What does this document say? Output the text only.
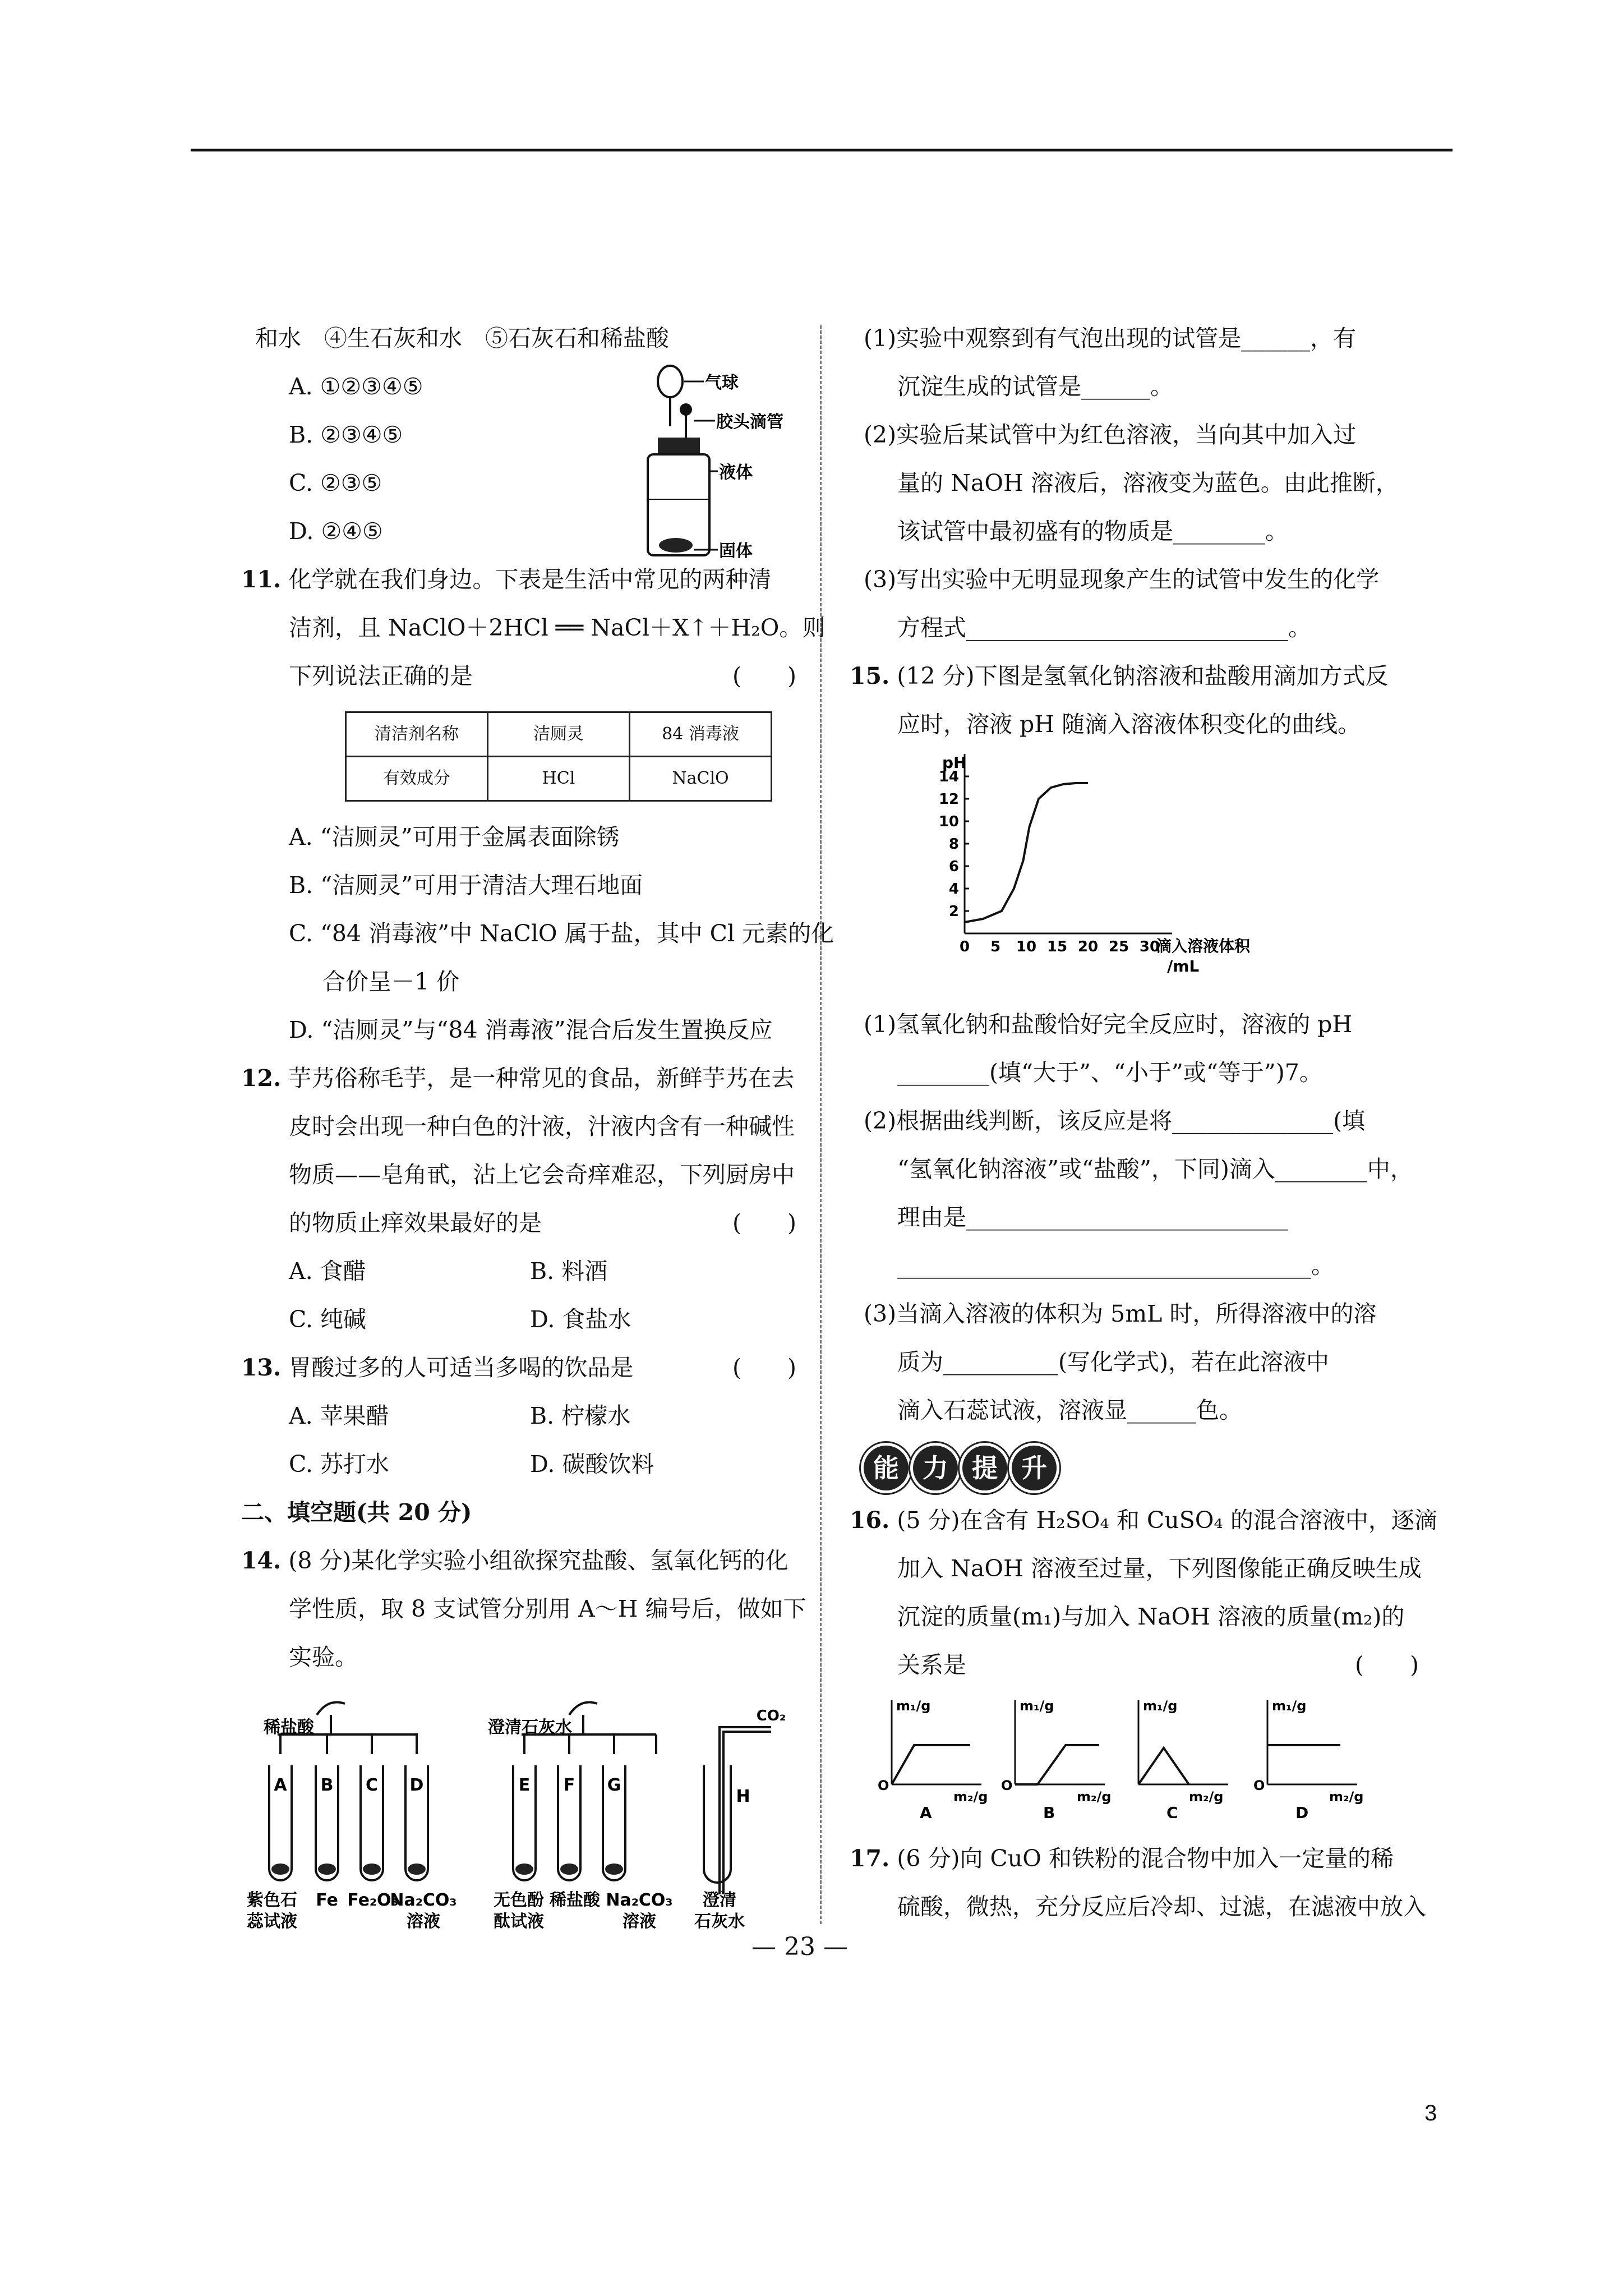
和水　④生石灰和水　⑤石灰石和稀盐酸

A. ①②③④⑤

B. ②③④⑤

C. ②③⑤

D. ②④⑤

气球
胶头滴管
液体
固体

11. 化学就在我们身边。下表是生活中常见的两种清

洁剂，且 NaClO＋2HCl ══ NaCl＋X↑＋H₂O。则

下列说法正确的是	(　　)

清洁剂名称	洁厕灵	84 消毒液
有效成分	HCl	NaClO

A. “洁厕灵”可用于金属表面除锈

B. “洁厕灵”可用于清洁大理石地面

C. “84 消毒液”中 NaClO 属于盐，其中 Cl 元素的化

合价呈－1 价

D. “洁厕灵”与“84 消毒液”混合后发生置换反应

12. 芋艿俗称毛芋，是一种常见的食品，新鲜芋艿在去

皮时会出现一种白色的汁液，汁液内含有一种碱性

物质——皂角甙，沾上它会奇痒难忍，下列厨房中

的物质止痒效果最好的是	(　　)

A. 食醋	B. 料酒

C. 纯碱	D. 食盐水

13. 胃酸过多的人可适当多喝的饮品是	(　　)

A. 苹果醋	B. 柠檬水

C. 苏打水	D. 碳酸饮料

二、填空题(共 20 分)

14. (8 分)某化学实验小组欲探究盐酸、氢氧化钙的化

学性质，取 8 支试管分别用 A～H 编号后，做如下

实验。

稀盐酸	澄清石灰水
CO₂
A B C D	E F G
H
紫色石
蕊试液
Fe Fe₂O₃
Na₂CO₃
溶液
无色酚
酞试液
稀盐酸 Na₂CO₃
溶液
澄清
石灰水

(1)实验中观察到有气泡出现的试管是______，有

沉淀生成的试管是______。

(2)实验后某试管中为红色溶液，当向其中加入过

量的 NaOH 溶液后，溶液变为蓝色。由此推断，

该试管中最初盛有的物质是________。

(3)写出实验中无明显现象产生的试管中发生的化学

方程式____________________________。

15. (12 分)下图是氢氧化钠溶液和盐酸用滴加方式反

应时，溶液 pH 随滴入溶液体积变化的曲线。

2
4
6
8
10
12
14
0 5 10 15 20 25 30
pH
滴入溶液体积/mL

(1)氢氧化钠和盐酸恰好完全反应时，溶液的 pH

________(填“大于”、“小于”或“等于”)7。

(2)根据曲线判断，该反应是将______________(填

“氢氧化钠溶液”或“盐酸”，下同)滴入________中，

理由是____________________________

____________________________________。

(3)当滴入溶液的体积为 5mL 时，所得溶液中的溶

质为__________(写化学式)，若在此溶液中

滴入石蕊试液，溶液显______色。

能 力 提 升

16. (5 分)在含有 H₂SO₄ 和 CuSO₄ 的混合溶液中，逐滴

加入 NaOH 溶液至过量，下列图像能正确反映生成

沉淀的质量(m₁)与加入 NaOH 溶液的质量(m₂)的

关系是	(　　)

m₁/g
m₂/g
O
A
m₁/g
m₂/g
O
B
m₁/g
m₂/g
C
m₁/g
m₂/g
O
D

17. (6 分)向 CuO 和铁粉的混合物中加入一定量的稀

硫酸，微热，充分反应后冷却、过滤，在滤液中放入

— 23 —
3
